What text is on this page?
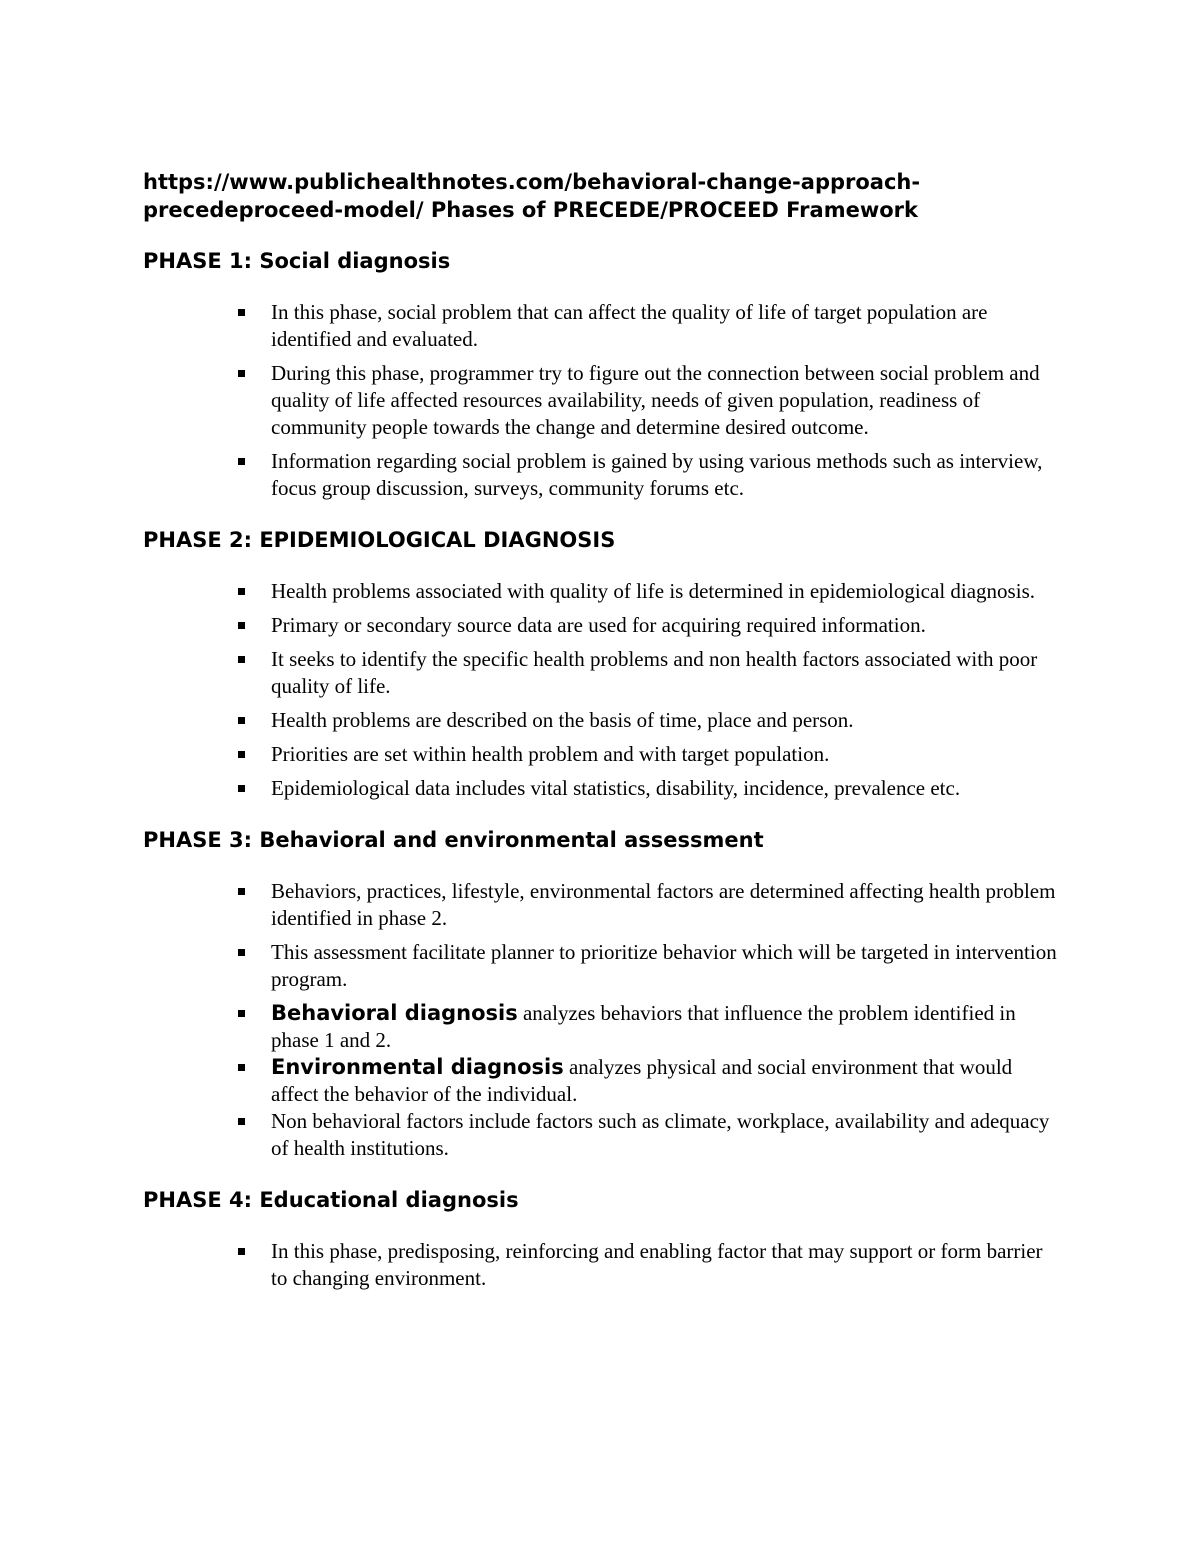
https://www.publichealthnotes.com/behavioral-change-approach-
precedeproceed-model/ Phases of PRECEDE/PROCEED Framework
PHASE 1: Social diagnosis
In this phase, social problem that can affect the quality of life of target population are identified and evaluated.
During this phase, programmer try to figure out the connection between social problem and quality of life affected resources availability, needs of given population, readiness of community people towards the change and determine desired outcome.
Information regarding social problem is gained by using various methods such as interview, focus group discussion, surveys, community forums etc.
PHASE 2: EPIDEMIOLOGICAL DIAGNOSIS
Health problems associated with quality of life is determined in epidemiological diagnosis.
Primary or secondary source data are used for acquiring required information.
It seeks to identify the specific health problems and non health factors associated with poor quality of life.
Health problems are described on the basis of time, place and person.
Priorities are set within health problem and with target population.
Epidemiological data includes vital statistics, disability, incidence, prevalence etc.
PHASE 3: Behavioral and environmental assessment
Behaviors, practices, lifestyle, environmental factors are determined affecting health problem identified in phase 2.
This assessment facilitate planner to prioritize behavior which will be targeted in intervention program.
Behavioral diagnosis analyzes behaviors that influence the problem identified in phase 1 and 2.
Environmental diagnosis analyzes physical and social environment that would affect the behavior of the individual.
Non behavioral factors include factors such as climate, workplace, availability and adequacy of health institutions.
PHASE 4: Educational diagnosis
In this phase, predisposing, reinforcing and enabling factor that may support or form barrier to changing environment.
